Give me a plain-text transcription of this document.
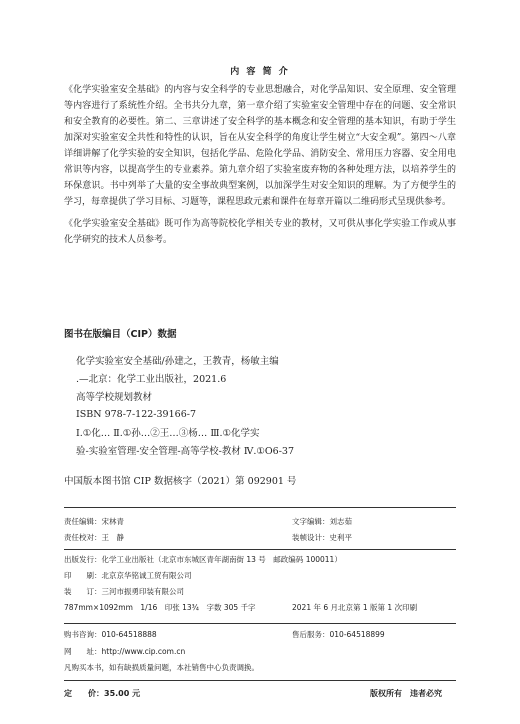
内 容 简 介

《化学实验室安全基础》的内容与安全科学的专业思想融合，对化学品知识、安全原理、安全管理等内容进行了系统性介绍。全书共分九章，第一章介绍了实验室安全管理中存在的问题、安全常识和安全教育的必要性。第二、三章讲述了安全科学的基本概念和安全管理的基本知识，有助于学生加深对实验室安全共性和特性的认识，旨在从安全科学的角度让学生树立“大安全观”。第四～八章详细讲解了化学实验的安全知识，包括化学品、危险化学品、消防安全、常用压力容器、安全用电常识等内容，以提高学生的专业素养。第九章介绍了实验室废弃物的各种处理方法，以培养学生的环保意识。书中列举了大量的安全事故典型案例，以加深学生对安全知识的理解。为了方便学生的学习，每章提供了学习目标、习题等，课程思政元素和课件在每章开篇以二维码形式呈现供参考。

《化学实验室安全基础》既可作为高等院校化学相关专业的教材，又可供从事化学实验工作或从事化学研究的技术人员参考。

图书在版编目（CIP）数据

化学实验室安全基础/孙建之，王教青，杨敏主编

.—北京：化学工业出版社，2021.6

高等学校规划教材

ISBN 978-7-122-39166-7

Ⅰ.①化… Ⅱ.①孙…②王…③杨… Ⅲ.①化学实

验-实验室管理-安全管理-高等学校-教材 Ⅳ.①O6-37

中国版本图书馆 CIP 数据核字（2021）第 092901 号
责任编辑：宋林青	文字编辑：刘志茹
责任校对：王　静	装帧设计：史利平
出版发行：化学工业出版社（北京市东城区青年湖南街 13 号　邮政编码 100011）
印　　刷：北京京华铭诚工贸有限公司
装　　订：三河市振勇印装有限公司
787mm×1092mm　1/16　印张 13¾　字数 305 千字	2021 年 6 月北京第 1 版第 1 次印刷
购书咨询：010-64518888	售后服务：010-64518899
网　　址：http://www.cip.com.cn
凡购买本书，如有缺损质量问题，本社销售中心负责调换。
定　　价：35.00 元	版权所有　违者必究
